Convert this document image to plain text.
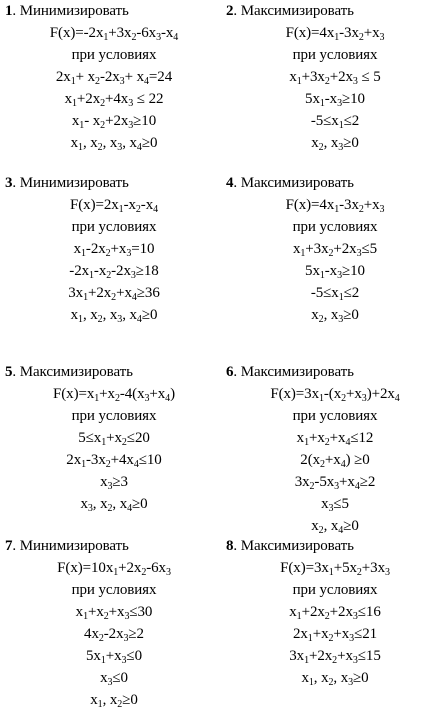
1. Минимизировать
$F(x)=-2x_1+3x_2-6x_3-x_4$
при условиях
$2x_1+ x_2-2x_3+ x_4=24$
$x_1+2x_2+4x_3 \le 22$
$x_1-$ $x_2+2x_3\ge 10$
$x_1$, $x_2$, $x_3$, $x_4\ge 0$
2. Максимизировать
$F(x)=4x_1-3x_2+x_3$
при условиях
$x_1+3x_2+2x_3 \le 5$
$5x_1-x_3\ge 10$
$-5\le x_1\le 2$
$x_2$, $x_3\ge 0$
3. Минимизировать
$F(x)=2x_1-x_2-x_4$
при условиях
$x_1-2x_2+x_3=10$
$-2x_1-x_2-2x_3\ge 18$
$3x_1+2x_2+x_4\ge 36$
$x_1$, $x_2$, $x_3$, $x_4\ge 0$
4. Максимизировать
$F(x)=4x_1-3x_2+x_3$
при условиях
$x_1+3x_2+2x_3\le 5$
$5x_1-x_3\ge 10$
$-5\le x_1\le 2$
$x_2$, $x_3\ge 0$
5. Максимизировать
$F(x)=x_1+x_2-4(x_3+x_4)$
при условиях
$5\le x_1+x_2\le 20$
$2x_1-3x_2+4x_4\le 10$
$x_3\ge 3$
$x_3$, $x_2$, $x_4\ge 0$
6. Максимизировать
$F(x)=3x_1-(x_2+x_3)+2x_4$
при условиях
$x_1+x_2+x_4\le 12$
$2(x_2+x_4) \ge 0$
$3x_2-5x_3+x_4\ge 2$
$x_3\le 5$
$x_2$, $x_4\ge 0$
7. Минимизировать
$F(x)=10x_1+2x_2-6x_3$
при условиях
$x_1+x_2+x_3\le 30$
$4x_2-2x_3\ge 2$
$5x_1+x_3\le 0$
$x_3\le 0$
$x_1$, $x_2\ge 0$
8. Максимизировать
$F(x)=3x_1+5x_2+3x_3$
при условиях
$x_1+2x_2+2x_3\le 16$
$2x_1+x_2+x_3\le 21$
$3x_1+2x_2+x_3\le 15$
$x_1$, $x_2$, $x_3\ge 0$
